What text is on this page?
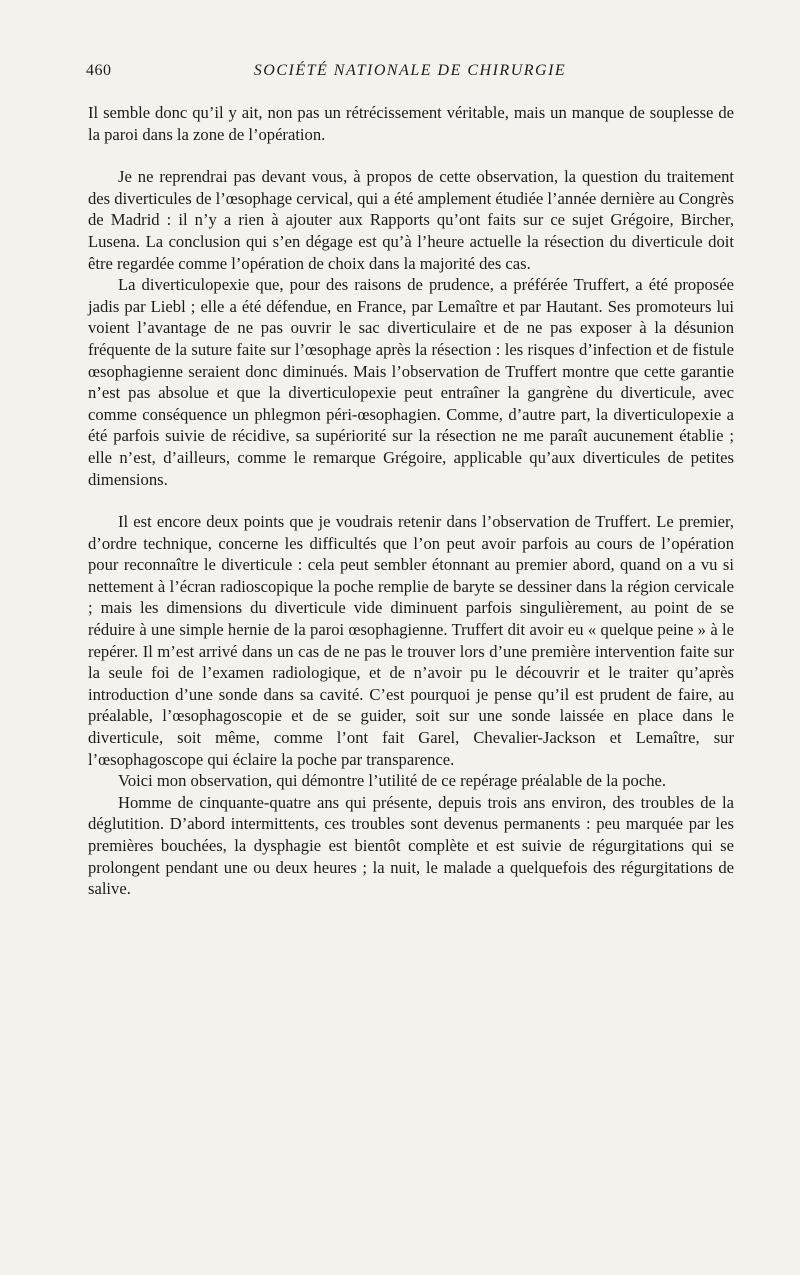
460	SOCIÉTÉ NATIONALE DE CHIRURGIE

Il semble donc qu’il y ait, non pas un rétrécissement véritable, mais un manque de souplesse de la paroi dans la zone de l’opération.

Je ne reprendrai pas devant vous, à propos de cette observation, la question du traitement des diverticules de l’œsophage cervical, qui a été amplement étudiée l’année dernière au Congrès de Madrid : il n’y a rien à ajouter aux Rapports qu’ont faits sur ce sujet Grégoire, Bircher, Lusena. La conclusion qui s’en dégage est qu’à l’heure actuelle la résection du diverticule doit être regardée comme l’opération de choix dans la majorité des cas.

La diverticulopexie que, pour des raisons de prudence, a préférée Truffert, a été proposée jadis par Liebl ; elle a été défendue, en France, par Lemaître et par Hautant. Ses promoteurs lui voient l’avantage de ne pas ouvrir le sac diverticulaire et de ne pas exposer à la désunion fréquente de la suture faite sur l’œsophage après la résection : les risques d’infection et de fistule œsophagienne seraient donc diminués. Mais l’observation de Truffert montre que cette garantie n’est pas absolue et que la diverticulopexie peut entraîner la gangrène du diverticule, avec comme conséquence un phlegmon péri-œsophagien. Comme, d’autre part, la diverticulopexie a été parfois suivie de récidive, sa supériorité sur la résection ne me paraît aucunement établie ; elle n’est, d’ailleurs, comme le remarque Grégoire, applicable qu’aux diverticules de petites dimensions.

Il est encore deux points que je voudrais retenir dans l’observation de Truffert. Le premier, d’ordre technique, concerne les difficultés que l’on peut avoir parfois au cours de l’opération pour reconnaître le diverticule : cela peut sembler étonnant au premier abord, quand on a vu si nettement à l’écran radioscopique la poche remplie de baryte se dessiner dans la région cervicale ; mais les dimensions du diverticule vide diminuent parfois singulièrement, au point de se réduire à une simple hernie de la paroi œsophagienne. Truffert dit avoir eu « quelque peine » à le repérer. Il m’est arrivé dans un cas de ne pas le trouver lors d’une première intervention faite sur la seule foi de l’examen radiologique, et de n’avoir pu le découvrir et le traiter qu’après introduction d’une sonde dans sa cavité. C’est pourquoi je pense qu’il est prudent de faire, au préalable, l’œsophagoscopie et de se guider, soit sur une sonde laissée en place dans le diverticule, soit même, comme l’ont fait Garel, Chevalier-Jackson et Lemaître, sur l’œsophagoscope qui éclaire la poche par transparence.

Voici mon observation, qui démontre l’utilité de ce repérage préalable de la poche.

Homme de cinquante-quatre ans qui présente, depuis trois ans environ, des troubles de la déglutition. D’abord intermittents, ces troubles sont devenus permanents : peu marquée par les premières bouchées, la dysphagie est bientôt complète et est suivie de régurgitations qui se prolongent pendant une ou deux heures ; la nuit, le malade a quelquefois des régurgitations de salive.
